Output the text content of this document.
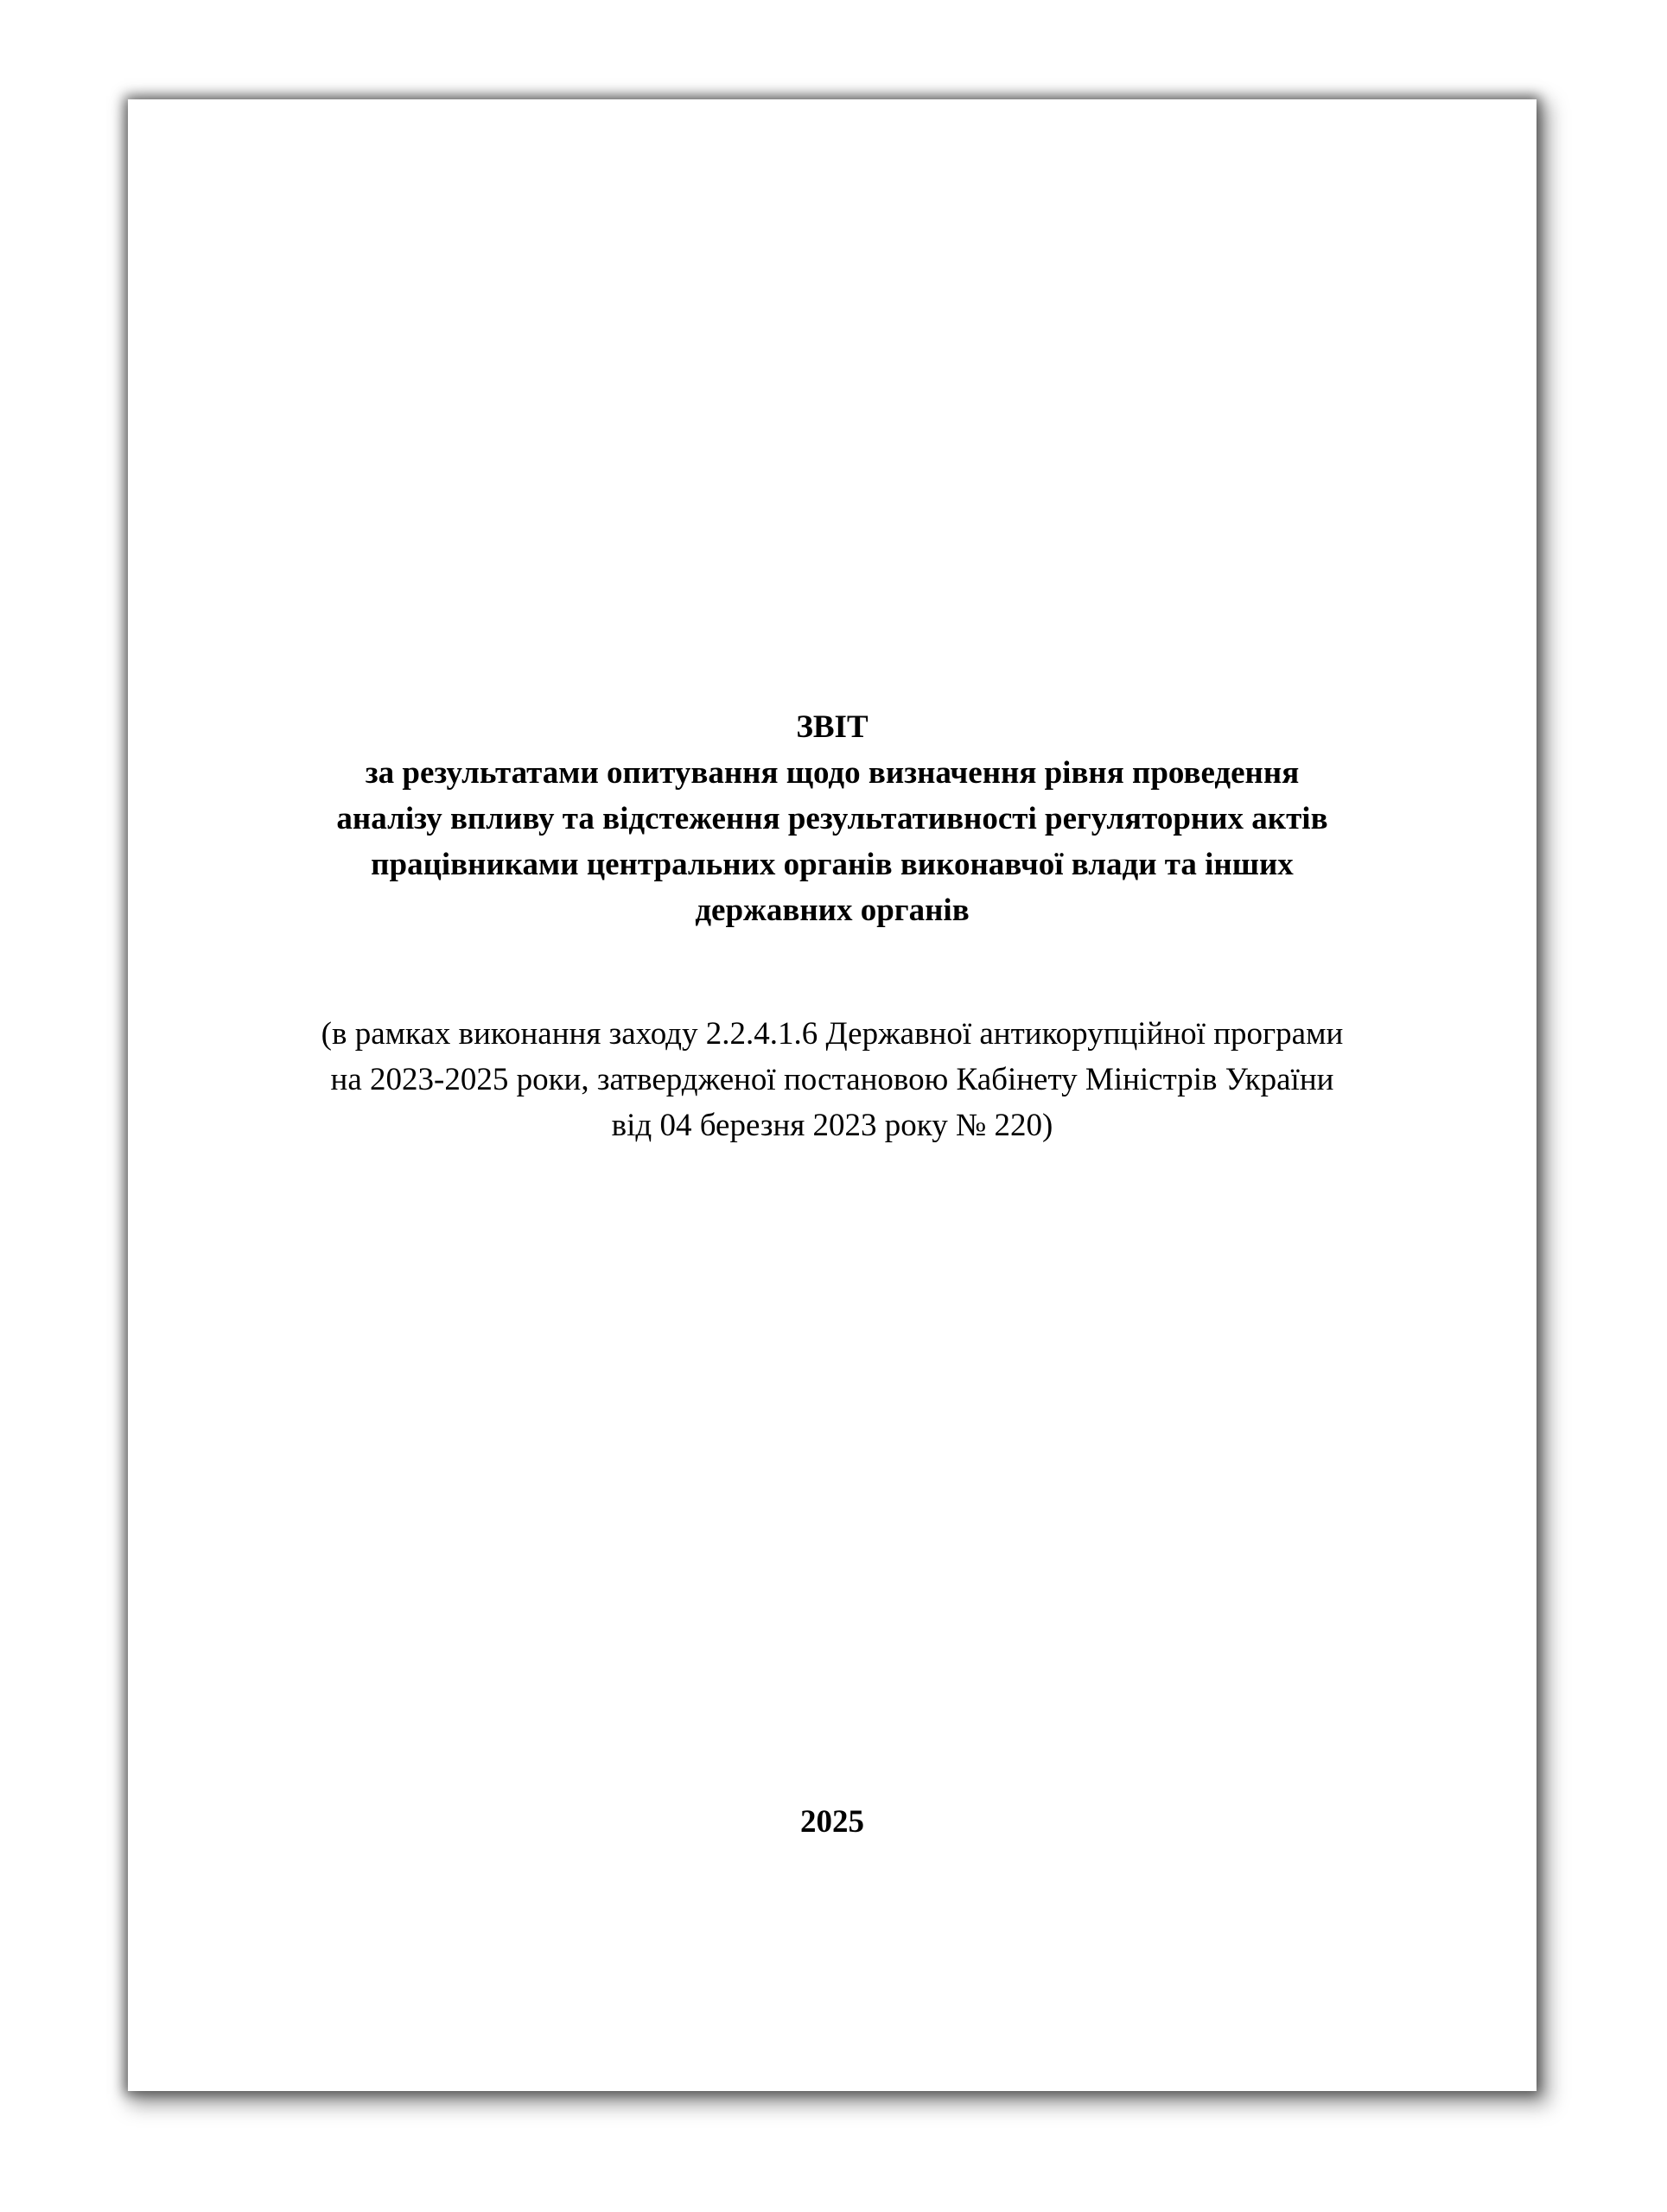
ЗВІТ
за результатами опитування щодо визначення рівня проведення
аналізу впливу та відстеження результативності регуляторних актів
працівниками центральних органів виконавчої влади та інших
державних органів
(в рамках виконання заходу 2.2.4.1.6 Державної антикорупційної програми
на 2023-2025 роки, затвердженої постановою Кабінету Міністрів України
від 04 березня 2023 року № 220)
2025
